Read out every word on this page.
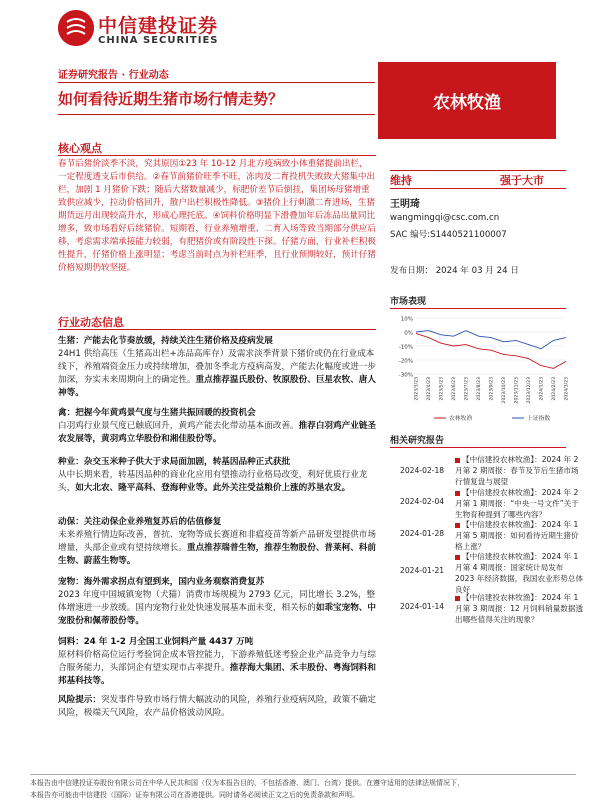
中信建投证券
CHINA SECURITIES
证券研究报告 · 行业动态
如何看待近期生猪市场行情走势？	农林牧渔
核心观点
春节后猪价淡季不淡，究其原因①23 年 10-12 月北方疫病致小体重猪提前出栏，一定程度透支后市供给。②春节前猪价旺季不旺，冻肉及二育投机失败致大猪集中出栏，加剧 1 月猪价下跌；随后大猪数量减少，标肥价差节后倒挂，集团场母猪增重致供应减少，拉动价格回升，散户出栏积极性降低。③猪价上行刺激二育进场，生猪期货远月出现较高升水，形成心理托底。④饲料价格明显下滑叠加年后冻品出量同比增多，致市场看好后续猪价。短期看，行业养殖增重、二育入场等致当期部分供应后移，考虑需求端承接能力较弱，有肥猪价或有阶段性下探。仔猪方面，行业补栏积极性提升，仔猪价格上涨明显；考虑当前时点为补栏旺季，且行业预期较好，预计仔猪价格短期仍较坚挺。
行业动态信息
生猪：产能去化节奏放缓，持续关注生猪价格及疫病发展
24H1 供给高压（生猪高出栏+冻品高库存）及需求淡季背景下猪价或仍在行业成本线下，养殖端资金压力或持续增加，叠加冬季北方疫病高发，产能去化幅度或进一步加深，夯实未来周期向上的确定性。重点推荐温氏股份、牧原股份、巨星农牧、唐人神等。
禽：把握今年黄鸡景气度与生猪共振回暖的投资机会
白羽鸡行业景气度已触底回升，黄鸡产能去化带动基本面改善。推荐白羽鸡产业链圣农发展等，黄羽鸡立华股份和湘佳股份等。
种业：杂交玉米种子供大于求局面加剧，转基因品种正式获批
从中长期来看，转基因品种的商业化应用有望推动行业格局改变，利好优质行业龙头，如大北农、隆平高科、登海种业等。此外关注受益粮价上涨的苏垦农发。
动保：关注动保企业养殖复苏后的估值修复
未来养殖行情边际改善，普抗、宠物等成长赛道和非瘟疫苗等新产品研发望提供市场增量，头部企业或有望持续增长。重点推荐瑞普生物，推荐生物股份、普莱柯、科前生物、蔚蓝生物等。
宠物：海外需求拐点有望到来，国内业务观察消费复苏
2023 年度中国城镇宠物（犬猫）消费市场规模为 2793 亿元，同比增长 3.2%，整体增速进一步放缓。国内宠物行业处快速发展基本面未变，相关标的如乖宝宠物、中宠股份和佩蒂股份等。
饲料：24 年 1-2 月全国工业饲料产量 4437 万吨
原材料价格高位运行考验饲企成本管控能力，下游养殖低迷考验企业产品竞争力与综合服务能力，头部饲企有望实现市占率提升。推荐海大集团、禾丰股份、粤海饲料和邦基科技等。
风险提示：突发事件导致市场行情大幅波动的风险，养殖行业疫病风险，政策不确定风险，极端天气风险，农产品价格波动风险。
维持	强于大市
王明琦
wangmingqi@csc.com.cn
SAC 编号:S1440521100007
发布日期： 2024 年 03 月 24 日
市场表现
10%
0%
-10%
-20%
-30%
2023/3/23 2023/4/23 2023/5/23 2023/6/23 2023/7/23 2023/8/23 2023/9/23 2023/10/23 2023/11/23 2023/12/23 2024/1/23 2024/2/23 2024/3/23
农林牧渔	上证指数
相关研究报告
2024-02-18
【中信建投农林牧渔】：2024 年 2 月第 2 期周报：春节及节后生猪市场行情复盘与展望
2024-02-04
【中信建投农林牧渔】：2024 年 2 月第 1 期周报：“中央一号文件”关于生物育种提到了哪些内容？
2024-01-28
【中信建投农林牧渔】：2024 年 1 月第 5 期周报：如何看待近期生猪价格上涨？
2024-01-21
【中信建投农林牧渔】：2024 年 1 月第 4 期周报：国家统计局发布 2023 年经济数据，我国农业形势总体良好
2024-01-14
【中信建投农林牧渔】：2024 年 1 月第 3 期周报：12 月饲料销量数据透出哪些值得关注的现象？
本报告由中信建投证券股份有限公司在中华人民共和国（仅为本报告目的，不包括香港、澳门、台湾）提供。在遵守适用的法律法规情况下，
本报告亦可能由中信建投（国际）证券有限公司在香港提供。同时请务必阅读正文之后的免责条款和声明。
